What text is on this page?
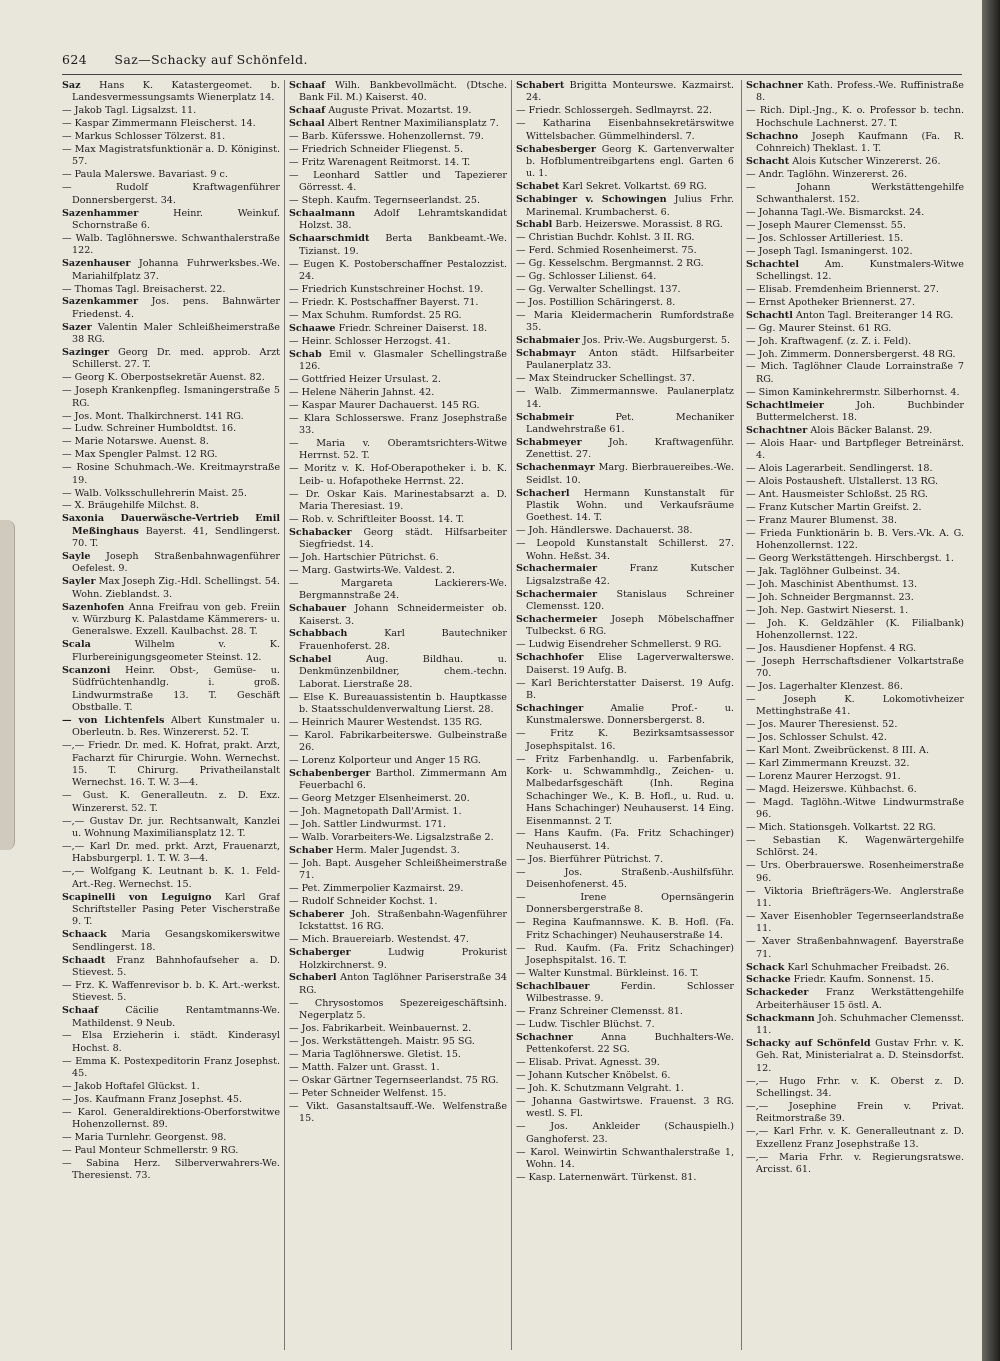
624 Saz—Schacky auf Schönfeld.
Saz Hans K. Katastergeomet. b. Landesvermessungsamts Wienerplatz 14.
— Jakob Tagl. Ligsalzst. 11.
— Kaspar Zimmermann Fleischerst. 14.
— Markus Schlosser Tölzerst. 81.
— Max Magistratsfunktionär a. D. Königinst. 57.
— Paula Malerswe. Bavariast. 9 c.
— Rudolf Kraftwagenführer Donnersbergerst. 34.
Sazenhammer	Heinr. Weinkuf. Schornstraße 6.
— Walb. Taglöhnerswe. Schwanthalerstraße 122.
Sazenhauser Johanna Fuhrwerksbes.-We. Mariahilfplatz 37.
— Thomas Tagl. Breisacherst. 22.
Sazenkammer Jos. pens. Bahnwärter Friedenst. 4.
Sazer Valentin Maler Schleißheimerstraße 38 RG.
Sazinger Georg Dr. med. approb. Arzt Schillerst. 27. T.
— Georg K. Oberpostsekretär Auenst. 82.
— Joseph Krankenpfleg. Ismaningerstraße 5 RG.
— Jos. Mont. Thalkirchnerst. 141 RG.
— Ludw. Schreiner Humboldtst. 16.
— Marie Notarswe. Auenst. 8.
— Max Spengler Palmst. 12 RG.
— Rosine Schuhmach.-We. Kreitmayrstraße 19.
— Walb. Volksschullehrerin Maist. 25.
— X. Bräugehilfe Milchst. 8.
Saxonia Dauerwäsche-Vertrieb Emil Meßinghaus Bayerst. 41, Sendlingerst. 70. T.
Sayle Joseph Straßenbahnwagenführer Oefelest. 9.
Sayler Max Joseph Zig.-Hdl. Schellingst. 54. Wohn. Zieblandst. 3.
Sazenhofen Anna Freifrau von geb. Freiin v. Würzburg K. Palastdame Kämmerers- u. Generalswe. Exzell. Kaulbachst. 28. T.
Scala	Wilhelm v. K. Flurbereinigungsgeometer Steinst. 12.
Scanzoni Heinr. Obst-, Gemüse- u. Südfrüchtenhandlg. i. groß. Lindwurmstraße 13. T. Geschäft Obstballe. T.
— von Lichtenfels Albert Kunstmaler u. Oberleutn. b. Res. Winzererst. 52. T.
—,— Friedr. Dr. med. K. Hofrat, prakt. Arzt, Facharzt für Chirurgie. Wohn. Wernechst. 15. T. Chirurg. Privatheilanstalt Wernechst. 16. T. W. 3—4.
— Gust. K. Generalleutn. z. D. Exz. Winzererst. 52. T.
—,— Gustav Dr. jur. Rechtsanwalt, Kanzlei u. Wohnung Maximiliansplatz 12. T.
—,— Karl Dr. med. prkt. Arzt, Frauenarzt, Habsburgerpl. 1. T. W. 3—4.
—,— Wolfgang K. Leutnant b. K. 1. Feld-Art.-Reg. Wernechst. 15.
Scapinelli von Leguigno Karl Graf Schriftsteller Pasing Peter Vischerstraße 9. T.
Schaack Maria Gesangskomikerswitwe Sendlingerst. 18.
Schaadt Franz Bahnhofaufseher a. D. Stievest. 5.
— Frz. K. Waffenrevisor b. b. K. Art.-werkst. Stievest. 5.
Schaaf	Cäcilie Rentamtmanns-We. Mathildenst. 9 Neub.
— Elsa Erzieherin i. städt. Kinderasyl Hochst. 8.
— Emma K. Postexpeditorin Franz Josephst. 45.
— Jakob Hoftafel Glückst. 1.
— Jos. Kaufmann Franz Josephst. 45.
— Karol. Generaldirektions-Oberforstwitwe Hohenzollernst. 89.
— Maria Turnlehr. Georgenst. 98.
— Paul Monteur Schmellerstr. 9 RG.
— Sabina Herz. Silberverwahrers-We. Theresienst. 73.
Schaaf Wilh. Bankbevollmächt. (Dtsche. Bank Fil. M.) Kaiserst. 40.
Schaaf Auguste Privat. Mozartst. 19.
Schaal Albert Rentner Maximiliansplatz 7.
— Barb. Küfersswe. Hohenzollernst. 79.
— Friedrich Schneider Fliegenst. 5.
— Fritz Warenagent Reitmorst. 14. T.
— Leonhard Sattler und Tapezierer Görresst. 4.
— Steph. Kaufm. Tegernseerlandst. 25.
Schaalmann Adolf Lehramtskandidat Holzst. 38.
Schaarschmidt Berta Bankbeamt.-We. Tizianst. 19.
— Eugen K. Postoberschaffner Pestalozzist. 24.
— Friedrich Kunstschreiner Hochst. 19.
— Friedr. K. Postschaffner Bayerst. 71.
— Max Schuhm. Rumfordst. 25 RG.
Schaawe Friedr. Schreiner Daiserst. 18.
— Heinr. Schlosser Herzogst. 41.
Schab Emil v. Glasmaler Schellingstraße 126.
— Gottfried Heizer Ursulast. 2.
— Helene Näherin Jahnst. 42.
— Kaspar Maurer Dachauerst. 145 RG.
— Klara Schlosserswe. Franz Josephstraße 33.
— Maria v. Oberamtsrichters-Witwe Herrnst. 52. T.
— Moritz v. K. Hof-Oberapotheker i. b. K. Leib- u. Hofapotheke Herrnst. 22.
— Dr. Oskar Kais. Marinestabsarzt a. D. Maria Theresiast. 19.
— Rob. v. Schriftleiter Boosst. 14. T.
Schabacker Georg städt. Hilfsarbeiter Siegfriedst. 14.
— Joh. Hartschier Pütrichst. 6.
— Marg. Gastwirts-We. Valdest. 2.
— Margareta Lackierers-We. Bergmannstraße 24.
Schabauer Johann Schneidermeister ob. Kaiserst. 3.
Schabbach	Karl Bautechniker Frauenhoferst. 28.
Schabel	Aug. Bildhau. u. Denkmünzenbildner, chem.-techn. Laborat. Lierstraße 28.
— Else K. Bureauassistentin b. Hauptkasse b. Staatsschuldenverwaltung Lierst. 28.
— Heinrich Maurer Westendst. 135 RG.
— Karol. Fabrikarbeiterswe. Gulbeinstraße 26.
— Lorenz Kolporteur und Anger 15 RG.
Schabenberger Barthol. Zimmermann Am Feuerbachl 6.
— Georg Metzger Elsenheimerst. 20.
— Joh. Magnetopath Dall'Armist. 1.
— Joh. Sattler Lindwurmst. 171.
— Walb. Vorarbeiters-We. Ligsalzstraße 2.
Schaber Herm. Maler Jugendst. 3.
— Joh. Bapt. Ausgeher Schleißheimerstraße 71.
— Pet. Zimmerpolier Kazmairst. 29.
— Rudolf Schneider Kochst. 1.
Schaberer Joh. Straßenbahn-Wagenführer Ickstattst. 16 RG.
— Mich. Brauereiarb. Westendst. 47.
Schaberger	Ludwig Prokurist Holzkirchnerst. 9.
Schaberl Anton Taglöhner Pariserstraße 34 RG.
— Chrysostomos Spezereigeschäftsinh. Negerplatz 5.
— Jos. Fabrikarbeit. Weinbauernst. 2.
— Jos. Werkstättengeh. Maistr. 95 SG.
— Maria Taglöhnerswe. Gletist. 15.
— Matth. Falzer unt. Grasst. 1.
— Oskar Gärtner Tegernseerlandst. 75 RG.
— Peter Schneider Welfenst. 15.
— Vikt. Gasanstaltsauff.-We. Welfenstraße 15.
Schabert Brigitta Monteurswe. Kazmairst. 24.
— Friedr. Schlossergeh. Sedlmayrst. 22.
— Katharina Eisenbahnsekretärswitwe Wittelsbacher. Gümmelhindersl. 7.
Schabesberger Georg K. Gartenverwalter b. Hofblumentreibgartens engl. Garten 6 u. 1.
Schabet Karl Sekret. Volkartst. 69 RG.
Schabinger v. Schowingen Julius Frhr. Marinemal. Krumbacherst. 6.
Schabl Barb. Heizerswe. Morassist. 8 RG.
— Christian Buchdr. Kohlst. 3 II. RG.
— Ferd. Schmied Rosenheimerst. 75.
— Gg. Kesselschm. Bergmannst. 2 RG.
— Gg. Schlosser Lilienst. 64.
— Gg. Verwalter Schellingst. 137.
— Jos. Postillion Schäringerst. 8.
— Maria Kleidermacherin Rumfordstraße 35.
Schabmaier Jos. Priv.-We. Augsburgerst. 5.
Schabmayr Anton städt. Hilfsarbeiter Paulanerplatz 33.
— Max Steindrucker Schellingst. 37.
— Walb. Zimmermannswe. Paulanerplatz 14.
Schabmeir	Pet. Mechaniker Landwehrstraße 61.
Schabmeyer	Joh. Kraftwagenführ. Zenettist. 27.
Schachenmayr Marg. Bierbrauereibes.-We. Seidlst. 10.
Schacherl Hermann Kunstanstalt für Plastik Wohn. und Verkaufsräume Goethest. 14. T.
— Joh. Händlerswe. Dachauerst. 38.
— Leopold Kunstanstalt Schillerst. 27. Wohn. Heßst. 34.
Schachermaier	Franz Kutscher Ligsalzstraße 42.
Schachermaier Stanislaus Schreiner Clemensst. 120.
Schachermeier Joseph Möbelschaffner Tulbeckst. 6 RG.
— Ludwig Eisendreher Schmellerst. 9 RG.
Schachhofer Elise Lagerverwalterswe. Daiserst. 19 Aufg. B.
— Karl Berichterstatter Daiserst. 19 Aufg. B.
Schachinger	Amalie Prof.- u. Kunstmalerswe. Donnersbergerst. 8.
— Fritz K. Bezirksamtsassessor Josephspitalst. 16.
— Fritz Farbenhandlg. u. Farbenfabrik, Kork- u. Schwammhdlg., Zeichen- u. Malbedarfsgeschäft (Inh. Regina Schachinger We., K. B. Hofl., u. Rud. u. Hans Schachinger) Neuhauserst. 14 Eing. Eisenmannst. 2 T.
— Hans Kaufm. (Fa. Fritz Schachinger) Neuhauserst. 14.
— Jos. Bierführer Pütrichst. 7.
— Jos. Straßenb.-Aushilfsführ. Deisenhofenerst. 45.
— Irene Opernsängerin Donnersbergerstraße 8.
— Regina Kaufmannswe. K. B. Hofl. (Fa. Fritz Schachinger) Neuhauserstraße 14.
— Rud. Kaufm. (Fa. Fritz Schachinger) Josephspitalst. 16. T.
— Walter Kunstmal. Bürkleinst. 16. T.
Schachlbauer	Ferdin. Schlosser Wilbestrasse. 9.
— Franz Schreiner Clemensst. 81.
— Ludw. Tischler Blüchst. 7.
Schachner	Anna Buchhalters-We. Pettenkoferst. 22 SG.
— Elisab. Privat. Agnesst. 39.
— Johann Kutscher Knöbelst. 6.
— Joh. K. Schutzmann Velgraht. 1.
— Johanna Gastwirtswe. Frauenst. 3 RG. westl. S. Fl.
— Jos. Ankleider (Schauspielh.) Ganghoferst. 23.
— Karol. Weinwirtin Schwanthalerstraße 1, Wohn. 14.
— Kasp. Laternenwärt. Türkenst. 81.
Schachner Kath. Profess.-We. Ruffinistraße 8.
— Rich. Dipl.-Jng., K. o. Professor b. techn. Hochschule Lachnerst. 27. T.
Schachno Joseph Kaufmann (Fa. R. Cohnreich) Theklast. 1. T.
Schacht Alois Kutscher Winzererst. 26.
— Andr. Taglöhn. Winzererst. 26.
— Johann Werkstättengehilfe Schwanthalerst. 152.
— Johanna Tagl.-We. Bismarckst. 24.
— Joseph Maurer Clemensst. 55.
— Jos. Schlosser Artilleriest. 15.
— Joseph Tagl. Ismaningerst. 102.
Schachtel	Am. Kunstmalers-Witwe Schellingst. 12.
— Elisab. Fremdenheim Briennerst. 27.
— Ernst Apotheker Briennerst. 27.
Schachtl Anton Tagl. Breiteranger 14 RG.
— Gg. Maurer Steinst. 61 RG.
— Joh. Kraftwagenf. (z. Z. i. Feld).
— Joh. Zimmerm. Donnersbergerst. 48 RG.
— Mich. Taglöhner Claude Lorrainstraße 7 RG.
— Simon Kaminkehrermstr. Silberhornst. 4.
Schachtlmeier	Joh. Buchbinder Buttermelcherst. 18.
Schachtner Alois Bäcker Balanst. 29.
— Alois Haar- und Bartpfleger Betreinärst. 4.
— Alois Lagerarbeit. Sendlingerst. 18.
— Alois Postausheft. Ulstallerst. 13 RG.
— Ant. Hausmeister Schloßst. 25 RG.
— Franz Kutscher Martin Greifst. 2.
— Franz Maurer Blumenst. 38.
— Frieda Funktionärin b. B. Vers.-Vk. A. G. Hohenzollernst. 122.
— Georg Werkstättengeh. Hirschbergst. 1.
— Jak. Taglöhner Gulbeinst. 34.
— Joh. Maschinist Abenthumst. 13.
— Joh. Schneider Bergmannst. 23.
— Joh. Nep. Gastwirt Nieserst. 1.
— Joh. K. Geldzähler (K. Filialbank) Hohenzollernst. 122.
— Jos. Hausdiener Hopfenst. 4 RG.
— Joseph Herrschaftsdiener Volkartstraße 70.
— Jos. Lagerhalter Klenzest. 86.
— Joseph K. Lokomotivheizer Mettinghstraße 41.
— Jos. Maurer Theresienst. 52.
— Jos. Schlosser Schulst. 42.
— Karl Mont. Zweibrückenst. 8 III. A.
— Karl Zimmermann Kreuzst. 32.
— Lorenz Maurer Herzogst. 91.
— Magd. Heizerswe. Kühbachst. 6.
— Magd. Taglöhn.-Witwe Lindwurmstraße 96.
— Mich. Stationsgeh. Volkartst. 22 RG.
— Sebastian K. Wagenwärtergehilfe Schlörst. 24.
— Urs. Oberbrauerswe. Rosenheimerstraße 96.
— Viktoria Briefträgers-We. Anglerstraße 11.
— Xaver Eisenhobler Tegernseerlandstraße 11.
— Xaver Straßenbahnwagenf. Bayerstraße 71.
Schack Karl Schuhmacher Freibadst. 26.
Schacke Friedr. Kaufm. Sonnenst. 15.
Schackeder Franz Werkstättengehilfe Arbeiterhäuser 15 östl. A.
Schackmann Joh. Schuhmacher Clemensst. 11.
Schacky auf Schönfeld Gustav Frhr. v. K. Geh. Rat, Ministerialrat a. D. Steinsdorfst. 12.
—,— Hugo Frhr. v. K. Oberst z. D. Schellingst. 34.
—,— Josephine Frein v. Privat. Reitmorstraße 39.
—,— Karl Frhr. v. K. Generalleutnant z. D. Exzellenz Franz Josephstraße 13.
—,— Maria Frhr. v. Regierungsratswe. Arcisst. 61.
